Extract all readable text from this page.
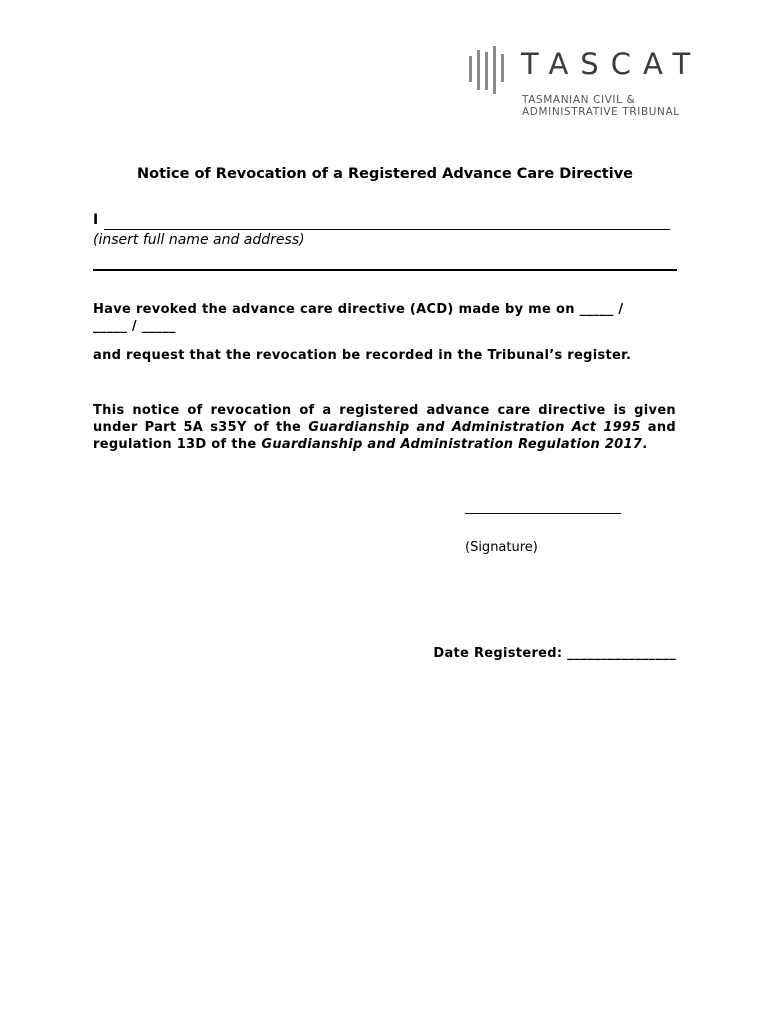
TASCAT
TASMANIAN CIVIL &
ADMINISTRATIVE TRIBUNAL
Notice of Revocation of a Registered Advance Care Directive
I
(insert full name and address)
Have revoked the advance care directive (ACD) made by me on _____ /
_____ / _____
and request that the revocation be recorded in the Tribunal’s register.
This notice of revocation of a registered advance care directive is given under Part 5A s35Y of the Guardianship and Administration Act 1995 and regulation 13D of the Guardianship and Administration Regulation 2017.
________________________
(Signature)
Date Registered: ________________
